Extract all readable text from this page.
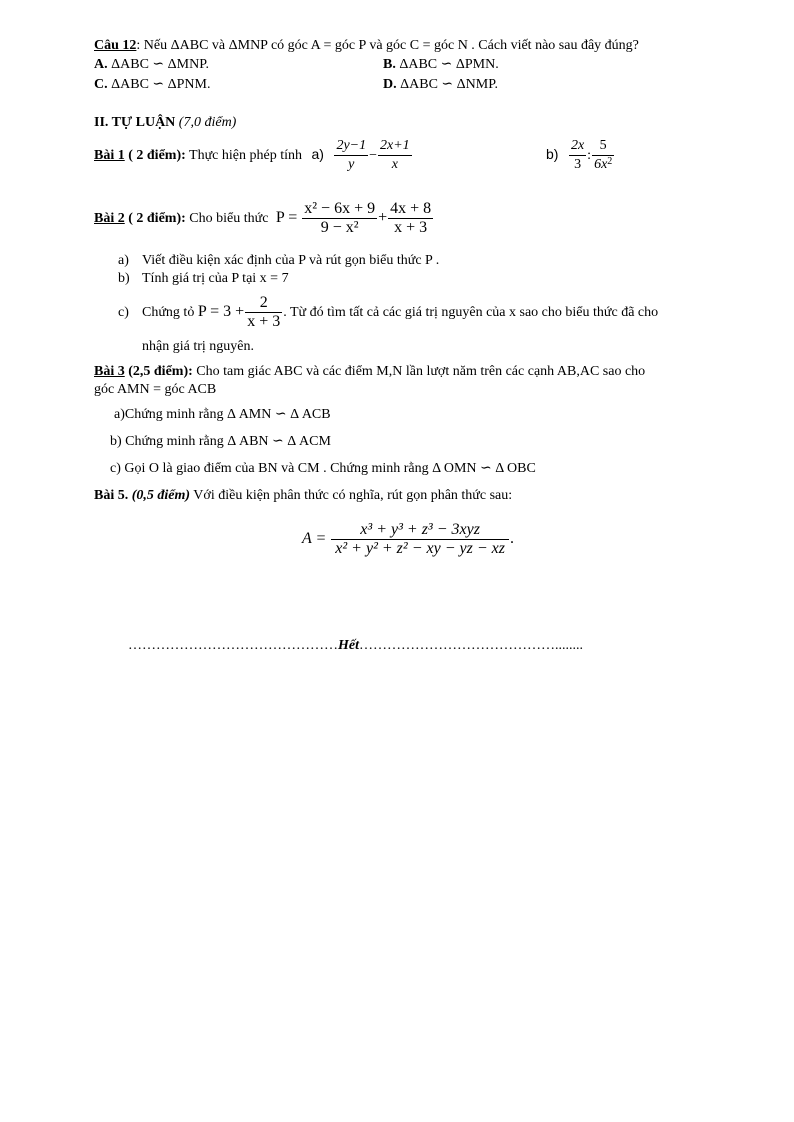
Câu 12: Nếu ΔABC và ΔMNP có góc A = góc P và góc C = góc N . Cách viết nào sau đây đúng?
A. ΔABC ∽ ΔMNP.	B. ΔABC ∽ ΔPMN.
C. ΔABC ∽ ΔPNM.	D. ΔABC ∽ ΔNMP.
II. TỰ LUẬN (7,0 điểm)
Bài 1 ( 2 điểm): Thực hiện phép tính $a) \frac{2y-1}{y} - \frac{2x+1}{x}$	$b) \frac{2x}{3}$ : $\frac{5}{6x^2}$
Bài 2 ( 2 điểm): Cho biểu thức $P = \frac{\text{x² − 6x + 9}}{\text{9 − x²}} + \frac{4x + 8}{x + 3}$
a) Viết điều kiện xác định của P và rút gọn biểu thức P .
b) Tính giá trị của P tại x = 7
c) Chứng tỏ $P = 3 + \frac{2}{x + 3}$ . Từ đó tìm tất cả các giá trị nguyên của x sao cho biểu thức đã cho
nhận giá trị nguyên.
Bài 3 (2,5 điểm): Cho tam giác ABC và các điểm M,N lần lượt năm trên các cạnh AB,AC sao cho
góc AMN = góc ACB
a)Chứng minh rằng Δ AMN ∽ Δ ACB
b) Chứng minh rằng Δ ABN ∽ Δ ACM
c) Gọi O là giao điểm của BN và CM . Chứng minh rằng Δ OMN ∽ Δ OBC
Bài 5. (0,5 điểm) Với điều kiện phân thức có nghĩa, rút gọn phân thức sau:
$A = \frac{\text{x³ + y³ + z³ − 3xyz}}{\text{x² + y² + z² − xy − yz − xz}}$ .
………………………………………Hết……………………………………........
